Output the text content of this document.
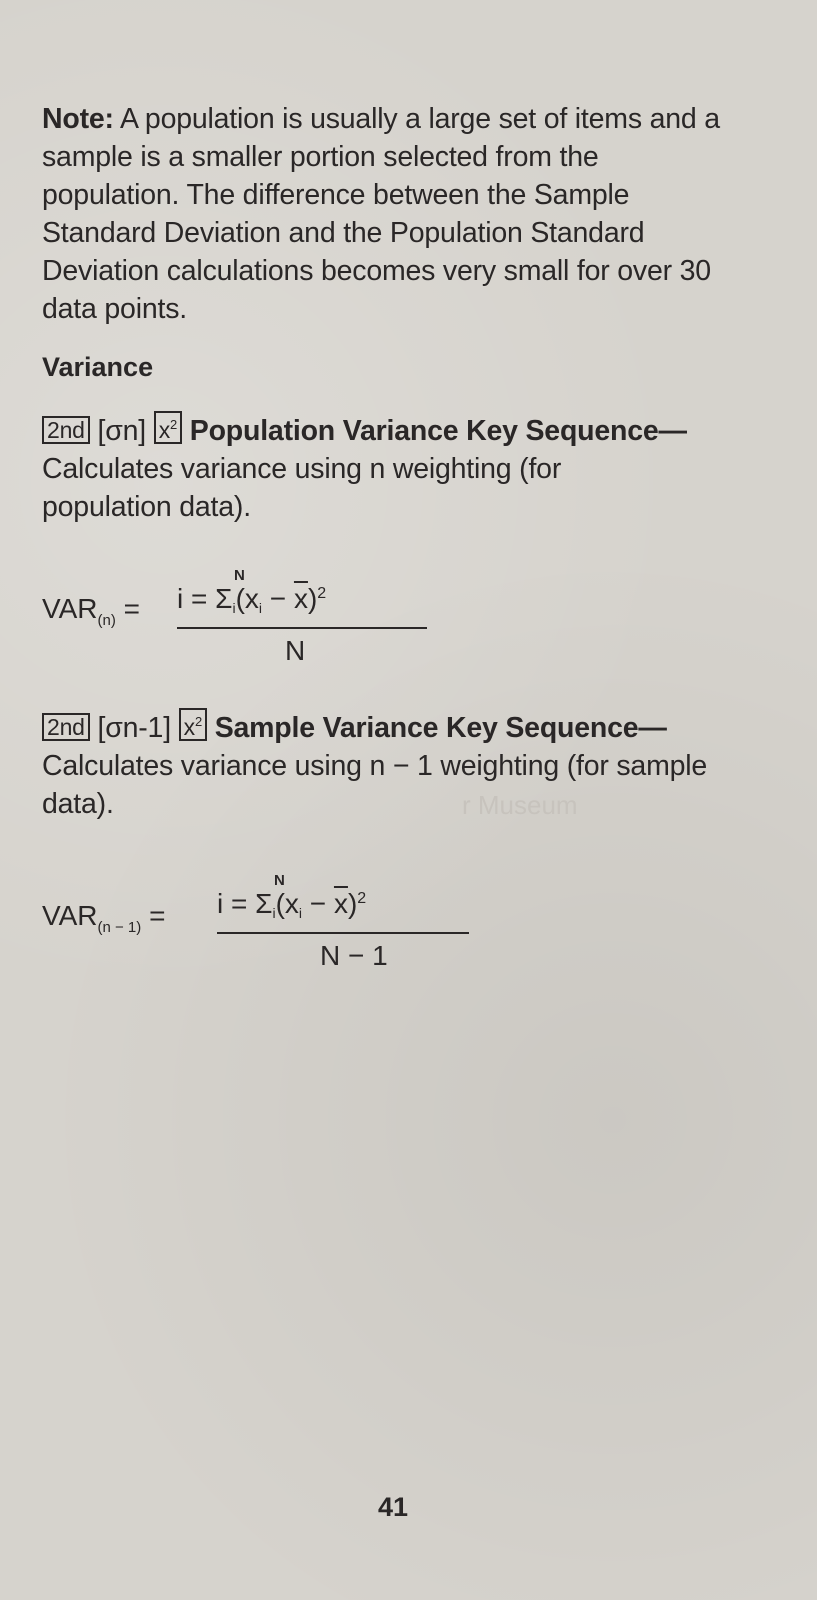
Note: A population is usually a large set of items and a sample is a smaller portion selected from the population. The difference between the Sample Standard Deviation and the Population Standard Deviation calculations becomes very small for over 30 data points.

Variance

2nd [σn] $x^2$ Population Variance Key Sequence— Calculates variance using n weighting (for population data).

$VAR_{(n)}$ =
N
$i = \Sigma_i(x_i - \overline{x})^2$
N

2nd [σn-1] $x^2$ Sample Variance Key Sequence— Calculates variance using n − 1 weighting (for sample data).	r Museum
$VAR_{(n - 1)}$ =
N
$i = \Sigma_i(x_i - \overline{x})^2$
N − 1
41
